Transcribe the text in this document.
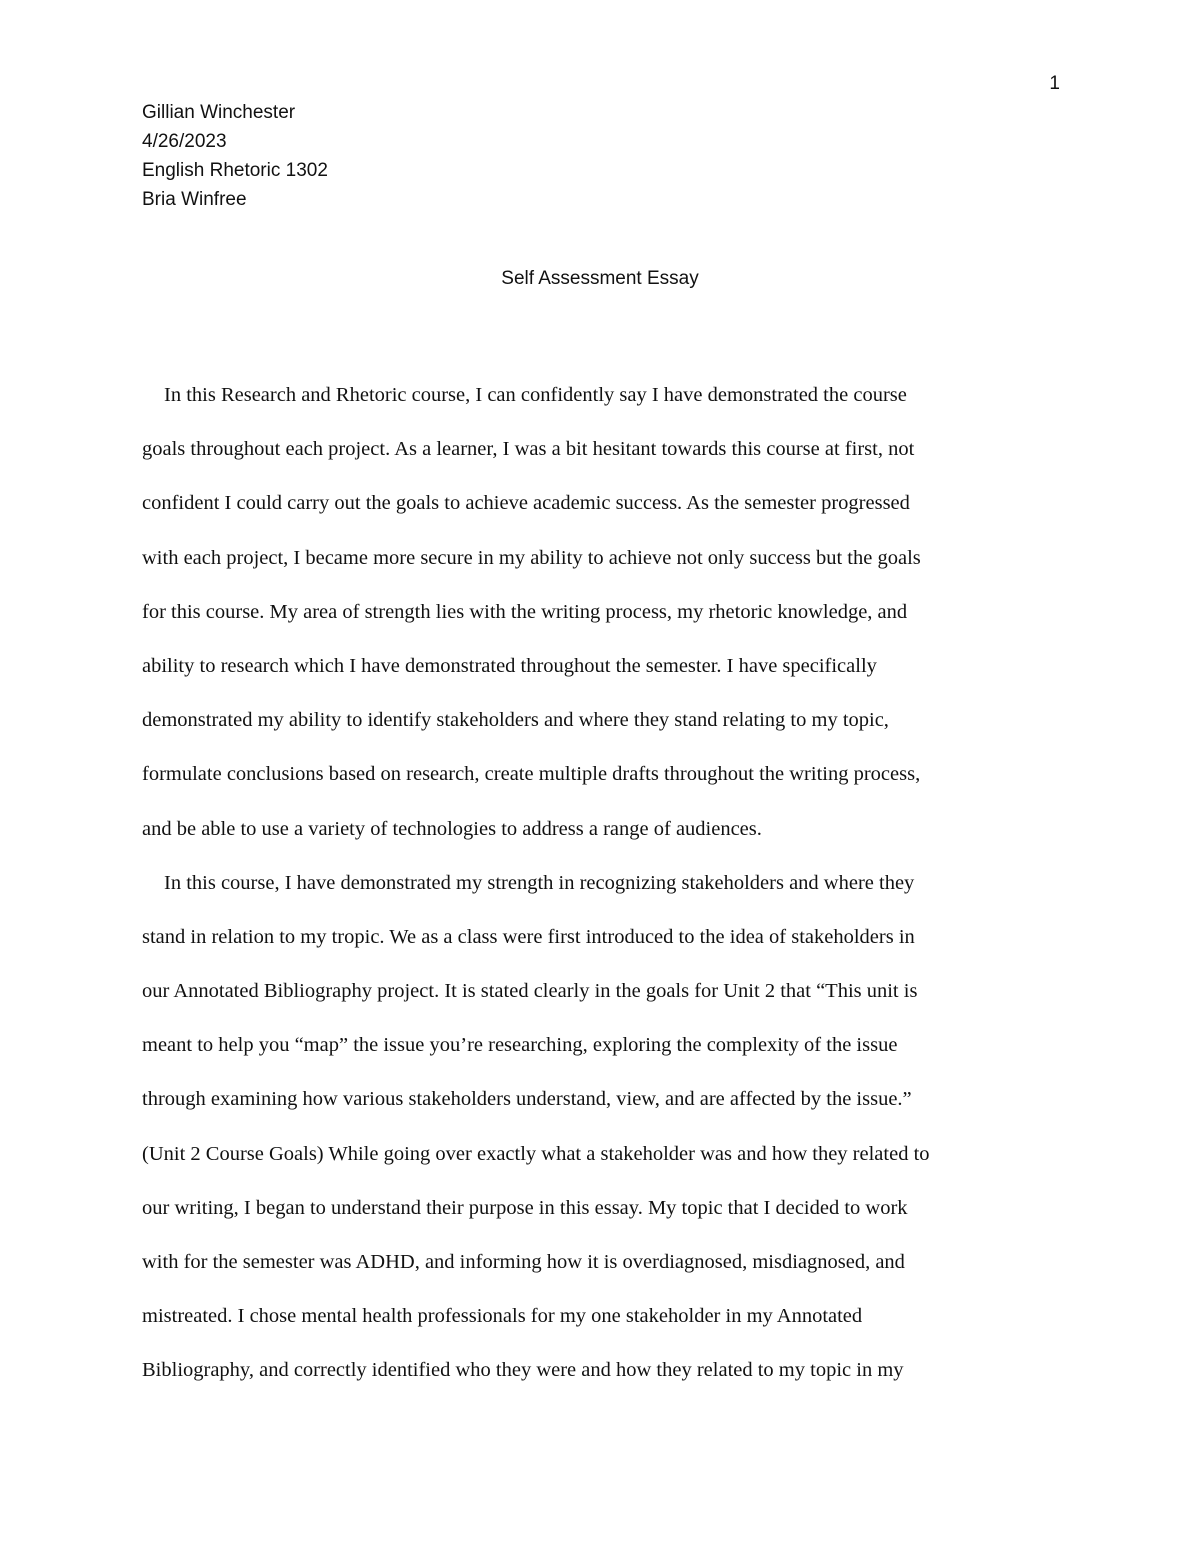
1
Gillian Winchester
4/26/2023
English Rhetoric 1302
Bria Winfree
Self Assessment Essay
In this Research and Rhetoric course, I can confidently say I have demonstrated the course
goals throughout each project. As a learner, I was a bit hesitant towards this course at first, not
confident I could carry out the goals to achieve academic success. As the semester progressed
with each project, I became more secure in my ability to achieve not only success but the goals
for this course. My area of strength lies with the writing process, my rhetoric knowledge, and
ability to research which I have demonstrated throughout the semester. I have specifically
demonstrated my ability to identify stakeholders and where they stand relating to my topic,
formulate conclusions based on research, create multiple drafts throughout the writing process,
and be able to use a variety of technologies to address a range of audiences.
In this course, I have demonstrated my strength in recognizing stakeholders and where they
stand in relation to my tropic. We as a class were first introduced to the idea of stakeholders in
our Annotated Bibliography project. It is stated clearly in the goals for Unit 2 that “This unit is
meant to help you “map” the issue you’re researching, exploring the complexity of the issue
through examining how various stakeholders understand, view, and are affected by the issue.”
(Unit 2 Course Goals) While going over exactly what a stakeholder was and how they related to
our writing, I began to understand their purpose in this essay. My topic that I decided to work
with for the semester was ADHD, and informing how it is overdiagnosed, misdiagnosed, and
mistreated. I chose mental health professionals for my one stakeholder in my Annotated
Bibliography, and correctly identified who they were and how they related to my topic in my
